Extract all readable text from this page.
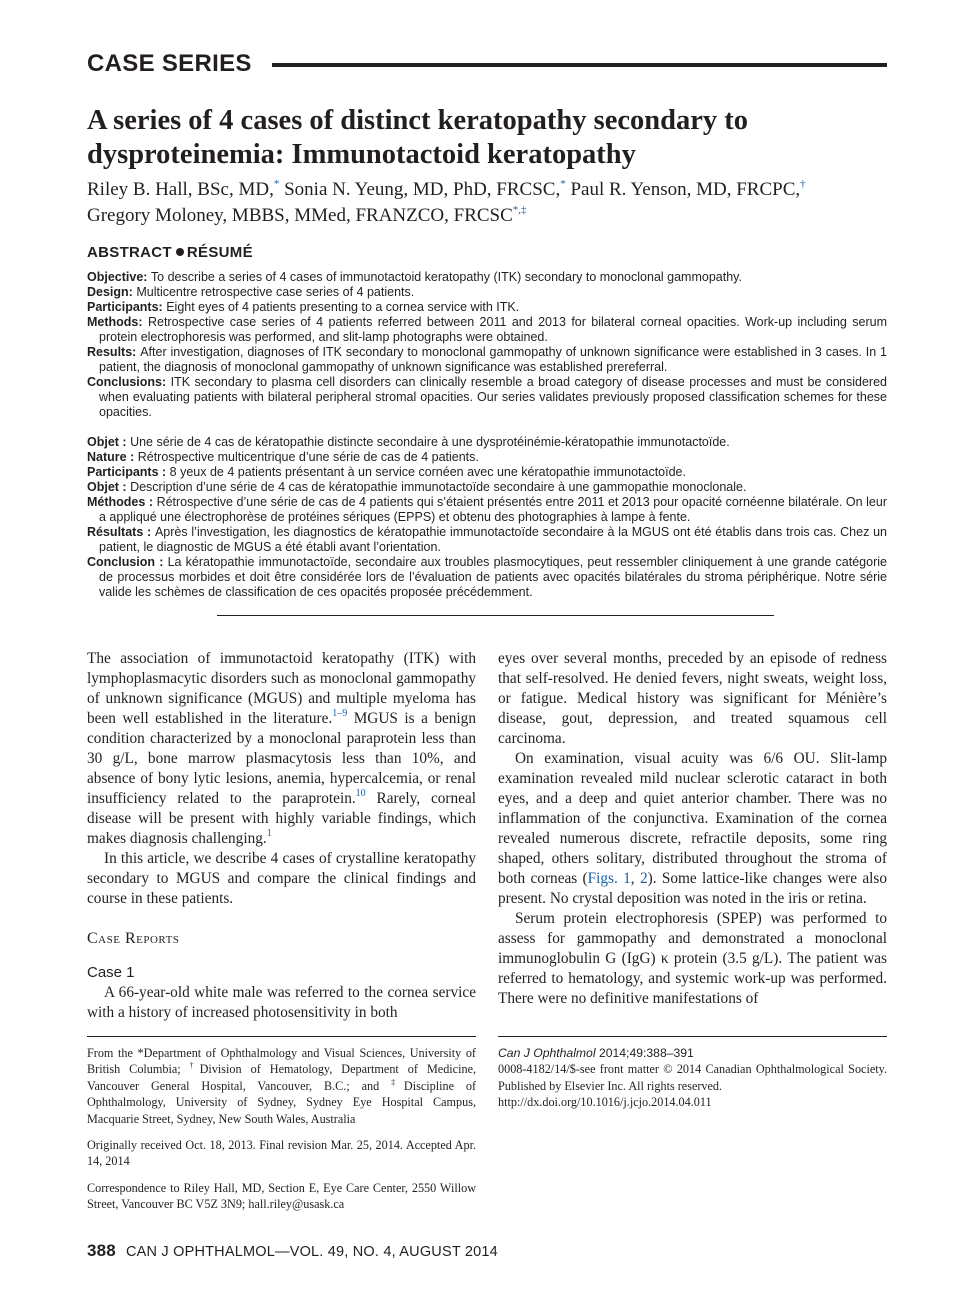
CASE SERIES
A series of 4 cases of distinct keratopathy secondary to dysproteinemia: Immunotactoid keratopathy
Riley B. Hall, BSc, MD,* Sonia N. Yeung, MD, PhD, FRCSC,* Paul R. Yenson, MD, FRCPC,†
Gregory Moloney, MBBS, MMed, FRANZCO, FRCSC*,‡
ABSTRACT RÉSUMÉ

Objective: To describe a series of 4 cases of immunotactoid keratopathy (ITK) secondary to monoclonal gammopathy.

Design: Multicentre retrospective case series of 4 patients.

Participants: Eight eyes of 4 patients presenting to a cornea service with ITK.

Methods: Retrospective case series of 4 patients referred between 2011 and 2013 for bilateral corneal opacities. Work-up including serum protein electrophoresis was performed, and slit-lamp photographs were obtained.

Results: After investigation, diagnoses of ITK secondary to monoclonal gammopathy of unknown significance were established in 3 cases. In 1 patient, the diagnosis of monoclonal gammopathy of unknown significance was established prereferral.

Conclusions: ITK secondary to plasma cell disorders can clinically resemble a broad category of disease processes and must be considered when evaluating patients with bilateral peripheral stromal opacities. Our series validates previously proposed classification schemes for these opacities.

Objet : Une série de 4 cas de kératopathie distincte secondaire à une dysprotéinémie-kératopathie immunotactoïde.

Nature : Rétrospective multicentrique d’une série de cas de 4 patients.

Participants : 8 yeux de 4 patients présentant à un service cornéen avec une kératopathie immunotactoïde.

Objet : Description d’une série de 4 cas de kératopathie immunotactoïde secondaire à une gammopathie monoclonale.

Méthodes : Rétrospective d’une série de cas de 4 patients qui s’étaient présentés entre 2011 et 2013 pour opacité cornéenne bilatérale. On leur a appliqué une électrophorèse de protéines sériques (EPPS) et obtenu des photographies à lampe à fente.

Résultats : Après l’investigation, les diagnostics de kératopathie immunotactoïde secondaire à la MGUS ont été établis dans trois cas. Chez un patient, le diagnostic de MGUS a été établi avant l’orientation.

Conclusion : La kératopathie immunotactoïde, secondaire aux troubles plasmocytiques, peut ressembler cliniquement à une grande catégorie de processus morbides et doit être considérée lors de l’évaluation de patients avec opacités bilatérales du stroma périphérique. Notre série valide les schèmes de classification de ces opacités proposée précédemment.

The association of immunotactoid keratopathy (ITK) with lymphoplasmacytic disorders such as monoclonal gammopathy of unknown significance (MGUS) and multiple myeloma has been well established in the literature.$^{1-9}$ MGUS is a benign condition characterized by a monoclonal paraprotein less than 30 g/L, bone marrow plasmacytosis less than 10%, and absence of bony lytic lesions, anemia, hypercalcemia, or renal insufficiency related to the paraprotein.$^{10}$ Rarely, corneal disease will be present with highly variable findings, which makes diagnosis challenging.$^1$

In this article, we describe 4 cases of crystalline keratopathy secondary to MGUS and compare the clinical findings and course in these patients.

Case Reports
Case 1

A 66-year-old white male was referred to the cornea service with a history of increased photosensitivity in both

eyes over several months, preceded by an episode of redness that self-resolved. He denied fevers, night sweats, weight loss, or fatigue. Medical history was significant for Ménière’s disease, gout, depression, and treated squamous cell carcinoma.

On examination, visual acuity was 6/6 OU. Slit-lamp examination revealed mild nuclear sclerotic cataract in both eyes, and a deep and quiet anterior chamber. There was no inflammation of the conjunctiva. Examination of the cornea revealed numerous discrete, refractile deposits, some ring shaped, others solitary, distributed throughout the stroma of both corneas (Figs. 1, 2). Some lattice-like changes were also present. No crystal deposition was noted in the iris or retina.

Serum protein electrophoresis (SPEP) was performed to assess for gammopathy and demonstrated a monoclonal immunoglobulin G (IgG) κ protein (3.5 g/L). The patient was referred to hematology, and systemic work-up was performed. There were no definitive manifestations of

From the *Department of Ophthalmology and Visual Sciences, University of British Columbia; †Division of Hematology, Department of Medicine, Vancouver General Hospital, Vancouver, B.C.; and ‡Discipline of Ophthalmology, University of Sydney, Sydney Eye Hospital Campus, Macquarie Street, Sydney, New South Wales, Australia

Originally received Oct. 18, 2013. Final revision Mar. 25, 2014. Accepted Apr. 14, 2014

Correspondence to Riley Hall, MD, Section E, Eye Care Center, 2550 Willow Street, Vancouver BC V5Z 3N9; hall.riley@usask.ca

Can J Ophthalmol 2014;49:388–391
0008-4182/14/$-see front matter © 2014 Canadian Ophthalmological Society. Published by Elsevier Inc. All rights reserved.
http://dx.doi.org/10.1016/j.jcjo.2014.04.011
388 CAN J OPHTHALMOL—VOL. 49, NO. 4, AUGUST 2014
